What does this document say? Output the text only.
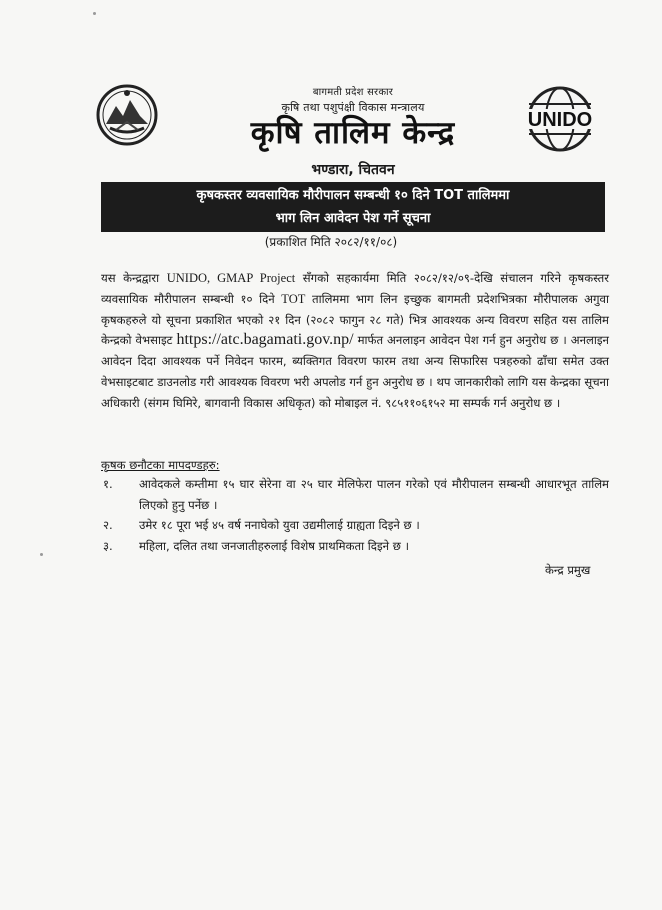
UNIDO
बागमती प्रदेश सरकार
कृषि तथा पशुपंक्षी विकास मन्त्रालय
कृषि तालिम केन्द्र
भण्डारा, चितवन
कृषकस्तर व्यवसायिक मौरीपालन सम्बन्धी १० दिने TOT तालिममा
भाग लिन आवेदन पेश गर्ने सूचना
(प्रकाशित मिति २०८२/११/०८)
यस केन्द्रद्वारा UNIDO, GMAP Project सँगको सहकार्यमा मिति २०८२/१२/०९-देखि संचालन गरिने कृषकस्तर व्यवसायिक मौरीपालन सम्बन्धी १० दिने TOT तालिममा भाग लिन इच्छुक बागमती प्रदेशभित्रका मौरीपालक अगुवा कृषकहरुले यो सूचना प्रकाशित भएको २१ दिन (२०८२ फागुन २८ गते) भित्र आवश्यक अन्य विवरण सहित यस तालिम केन्द्रको वेभसाइट https://atc.bagamati.gov.np/ मार्फत अनलाइन आवेदन पेश गर्न हुन अनुरोध छ । अनलाइन आवेदन दिदा आवश्यक पर्ने निवेदन फारम, ब्यक्तिगत विवरण फारम तथा अन्य सिफारिस पत्रहरुको ढाँचा समेत उक्त वेभसाइटबाट डाउनलोड गरी आवश्यक विवरण भरी अपलोड गर्न हुन अनुरोध छ । थप जानकारीको लागि यस केन्द्रका सूचना अधिकारी (संगम घिमिरे, बागवानी विकास अधिकृत) को मोबाइल नं. ९८५११०६१५२ मा सम्पर्क गर्न अनुरोध छ ।
कृषक छनौटका मापदण्डहरु:
१. आवेदकले कम्तीमा १५ घार सेरेना वा २५ घार मेलिफेरा पालन गरेको एवं मौरीपालन सम्बन्धी आधारभूत तालिम लिएको हुनु पर्नेछ ।
२. उमेर १८ पूरा भई ४५ वर्ष ननाघेको युवा उद्यमीलाई ग्राह्यता दिइने छ ।
३. महिला, दलित तथा जनजातीहरुलाई विशेष प्राथमिकता दिइने छ ।
केन्द्र प्रमुख
